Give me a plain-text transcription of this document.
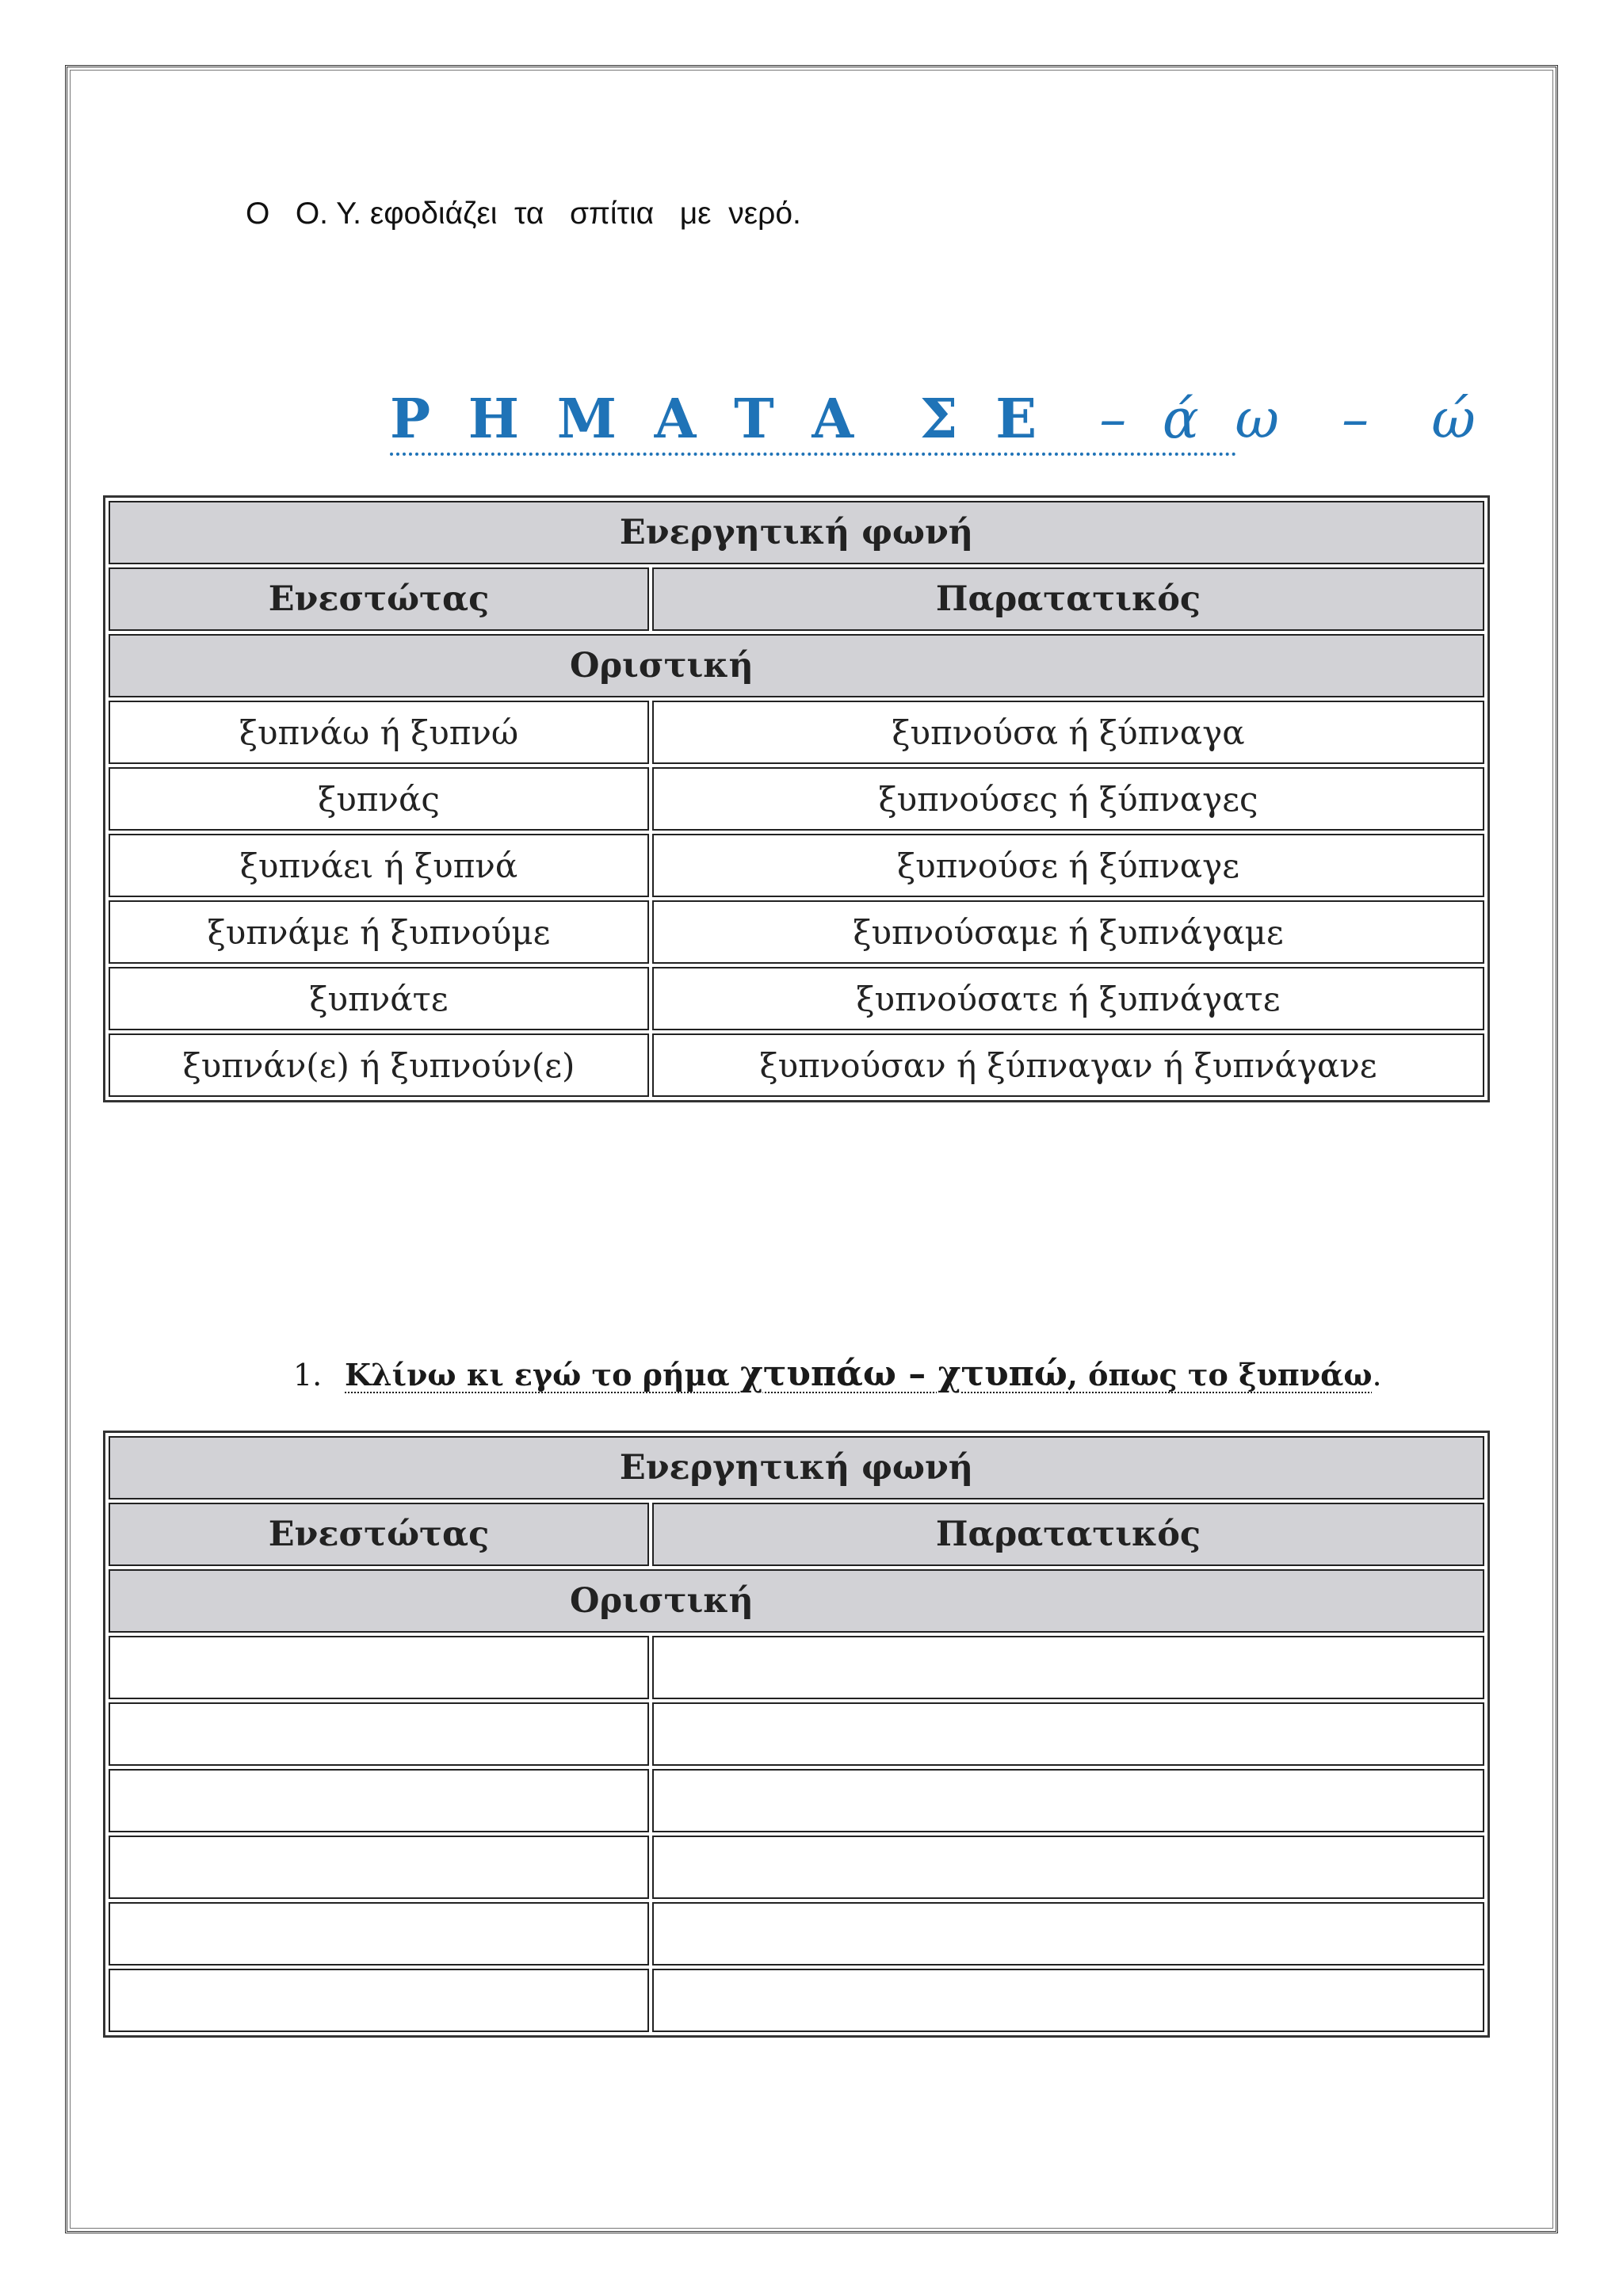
Ο   Ο. Υ. εφοδιάζει  τα   σπίτια   με  νερό.
Ρ Η Μ Α Τ Α  Σ Ε  – ά ω  –  ώ
Ενεργητική φωνή	
Ενεστώτας	Παρατατικός
Οριστική	
ξυπνάω ή ξυπνώ	ξυπνούσα ή ξύπναγα
ξυπνάς	ξυπνούσες ή ξύπναγες
ξυπνάει ή ξυπνά	ξυπνούσε ή ξύπναγε
ξυπνάμε ή ξυπνούμε	ξυπνούσαμε ή ξυπνάγαμε
ξυπνάτε	ξυπνούσατε ή ξυπνάγατε
ξυπνάν(ε) ή ξυπνούν(ε)	ξυπνούσαν ή ξύπναγαν ή ξυπνάγανε
1. Κλίνω κι εγώ το ρήμα χτυπάω – χτυπώ, όπως το ξυπνάω.
Ενεργητική φωνή	
Ενεστώτας	Παρατατικός
Οριστική	
